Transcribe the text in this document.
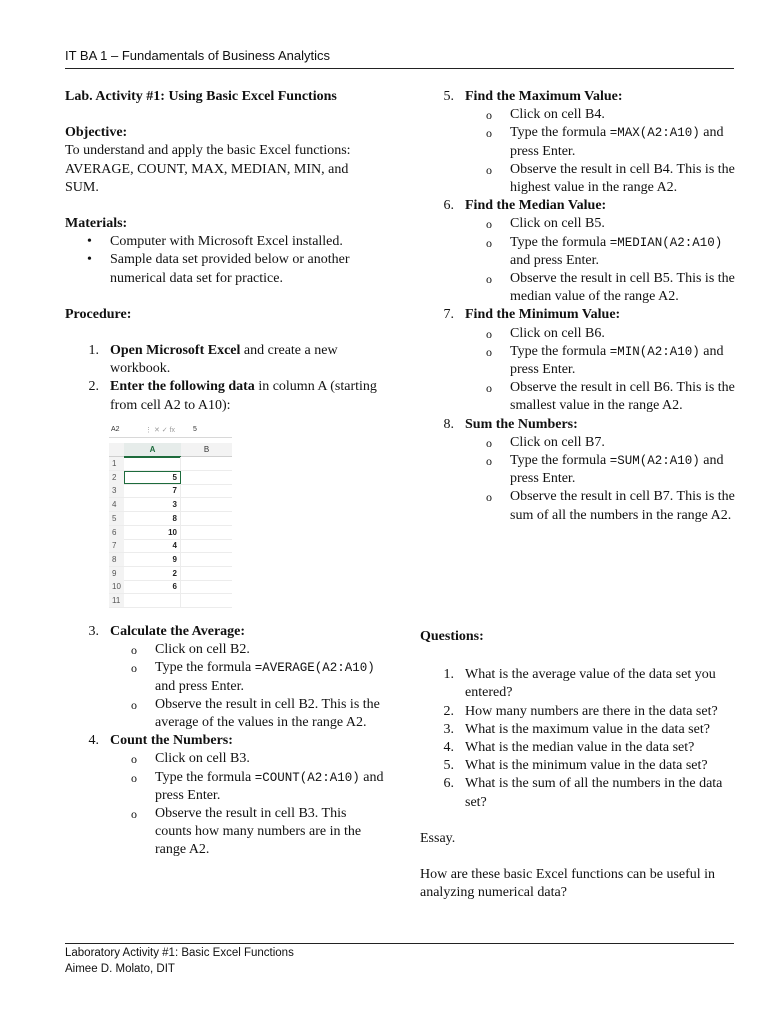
IT BA 1 – Fundamentals of Business Analytics

Lab. Activity #1: Using Basic Excel Functions

Objective:

To understand and apply the basic Excel functions: AVERAGE, COUNT, MAX, MEDIAN, MIN, and SUM.

Materials:

• Computer with Microsoft Excel installed.
• Sample data set provided below or another numerical data set for practice.

Procedure:

1. Open Microsoft Excel and create a new workbook.
2. Enter the following data in column A (starting from cell A2 to A10):
3. Calculate the Average:
o Click on cell B2.
o Type the formula =AVERAGE(A2:A10) and press Enter.
o Observe the result in cell B2. This is the average of the values in the range A2.
4. Count the Numbers:
o Click on cell B3.
o Type the formula =COUNT(A2:A10) and press Enter.
o Observe the result in cell B3. This counts how many numbers are in the range A2.
A2	⋮ ✕ ✓ fx	5
A	B
1
2	5
3	7
4	3
5	8
6	10
7	4
8	9
9	2
10	6
11
5. Find the Maximum Value:
o Click on cell B4.
o Type the formula =MAX(A2:A10) and press Enter.
o Observe the result in cell B4. This is the highest value in the range A2.
6. Find the Median Value:
o Click on cell B5.
o Type the formula =MEDIAN(A2:A10) and press Enter.
o Observe the result in cell B5. This is the median value of the range A2.
7. Find the Minimum Value:
o Click on cell B6.
o Type the formula =MIN(A2:A10) and press Enter.
o Observe the result in cell B6. This is the smallest value in the range A2.
8. Sum the Numbers:
o Click on cell B7.
o Type the formula =SUM(A2:A10) and press Enter.
o Observe the result in cell B7. This is the sum of all the numbers in the range A2.

Questions:

1. What is the average value of the data set you entered?
2. How many numbers are there in the data set?
3. What is the maximum value in the data set?
4. What is the median value in the data set?
5. What is the minimum value in the data set?
6. What is the sum of all the numbers in the data set?

Essay.

How are these basic Excel functions can be useful in analyzing numerical data?

Laboratory Activity #1: Basic Excel Functions
Aimee D. Molato, DIT
